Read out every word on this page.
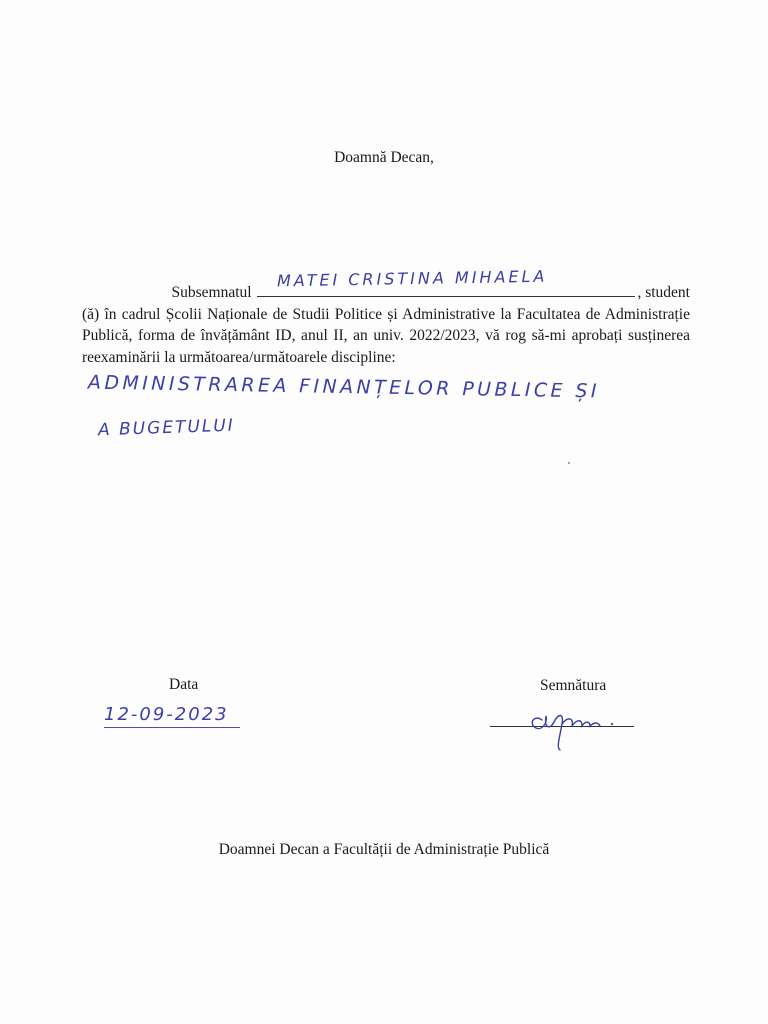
Doamnă Decan,
Subsemnatul
MATEI CRISTINA MIHAELA
, student
(ă) în cadrul Școlii Naționale de Studii Politice și Administrative la Facultatea de Administrație Publică, forma de învățământ ID, anul II, an univ. 2022/2023, vă rog să-mi aprobați susținerea reexaminării la următoarea/următoarele discipline:
ADMINISTRAREA FINANȚELOR PUBLICE ȘI
A BUGETULUI
Data
12-09-2023
Semnătura
Doamnei Decan a Facultății de Administrație Publică
